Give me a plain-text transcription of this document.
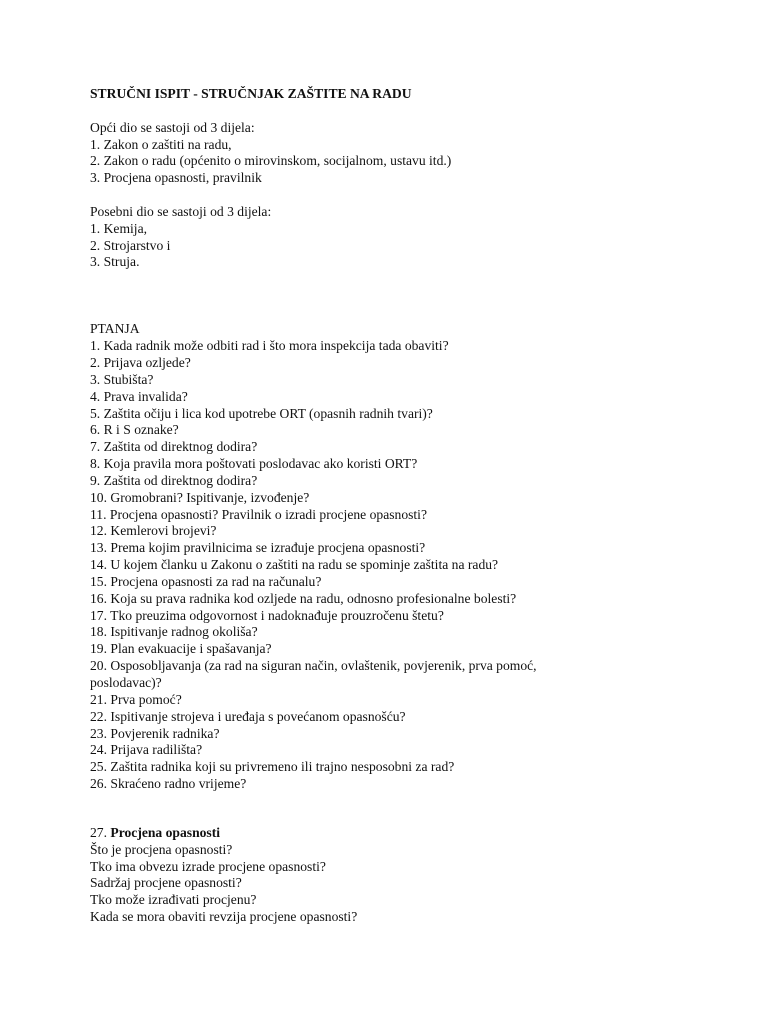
STRUČNI ISPIT - STRUČNJAK ZAŠTITE NA RADU

Opći dio se sastoji od 3 dijela:
1. Zakon o zaštiti na radu,
2. Zakon o radu (općenito o mirovinskom, socijalnom, ustavu itd.)
3. Procjena opasnosti, pravilnik
Posebni dio se sastoji od 3 dijela:
1. Kemija,
2. Strojarstvo i
3. Struja.
PTANJA
1. Kada radnik može odbiti rad i što mora inspekcija tada obaviti?
2. Prijava ozljede?
3. Stubišta?
4. Prava invalida?
5. Zaštita očiju i lica kod upotrebe ORT (opasnih radnih tvari)?
6. R i S oznake?
7. Zaštita od direktnog dodira?
8. Koja pravila mora poštovati poslodavac ako koristi ORT?
9. Zaštita od direktnog dodira?
10. Gromobrani? Ispitivanje, izvođenje?
11. Procjena opasnosti? Pravilnik o izradi procjene opasnosti?
12. Kemlerovi brojevi?
13. Prema kojim pravilnicima se izrađuje procjena opasnosti?
14. U kojem članku u Zakonu o zaštiti na radu se spominje zaštita na radu?
15. Procjena opasnosti za rad na računalu?
16. Koja su prava radnika kod ozljede na radu, odnosno profesionalne bolesti?
17. Tko preuzima odgovornost i nadoknađuje prouzročenu štetu?
18. Ispitivanje radnog okoliša?
19. Plan evakuacije i spašavanja?
20. Osposobljavanja (za rad na siguran način, ovlaštenik, povjerenik, prva pomoć,
poslodavac)?
21. Prva pomoć?
22. Ispitivanje strojeva i uređaja s povećanom opasnošću?
23. Povjerenik radnika?
24. Prijava radilišta?
25. Zaštita radnika koji su privremeno ili trajno nesposobni za rad?
26. Skraćeno radno vrijeme?
27. Procjena opasnosti
Što je procjena opasnosti?
Tko ima obvezu izrade procjene opasnosti?
Sadržaj procjene opasnosti?
Tko može izrađivati procjenu?
Kada se mora obaviti revzija procjene opasnosti?
